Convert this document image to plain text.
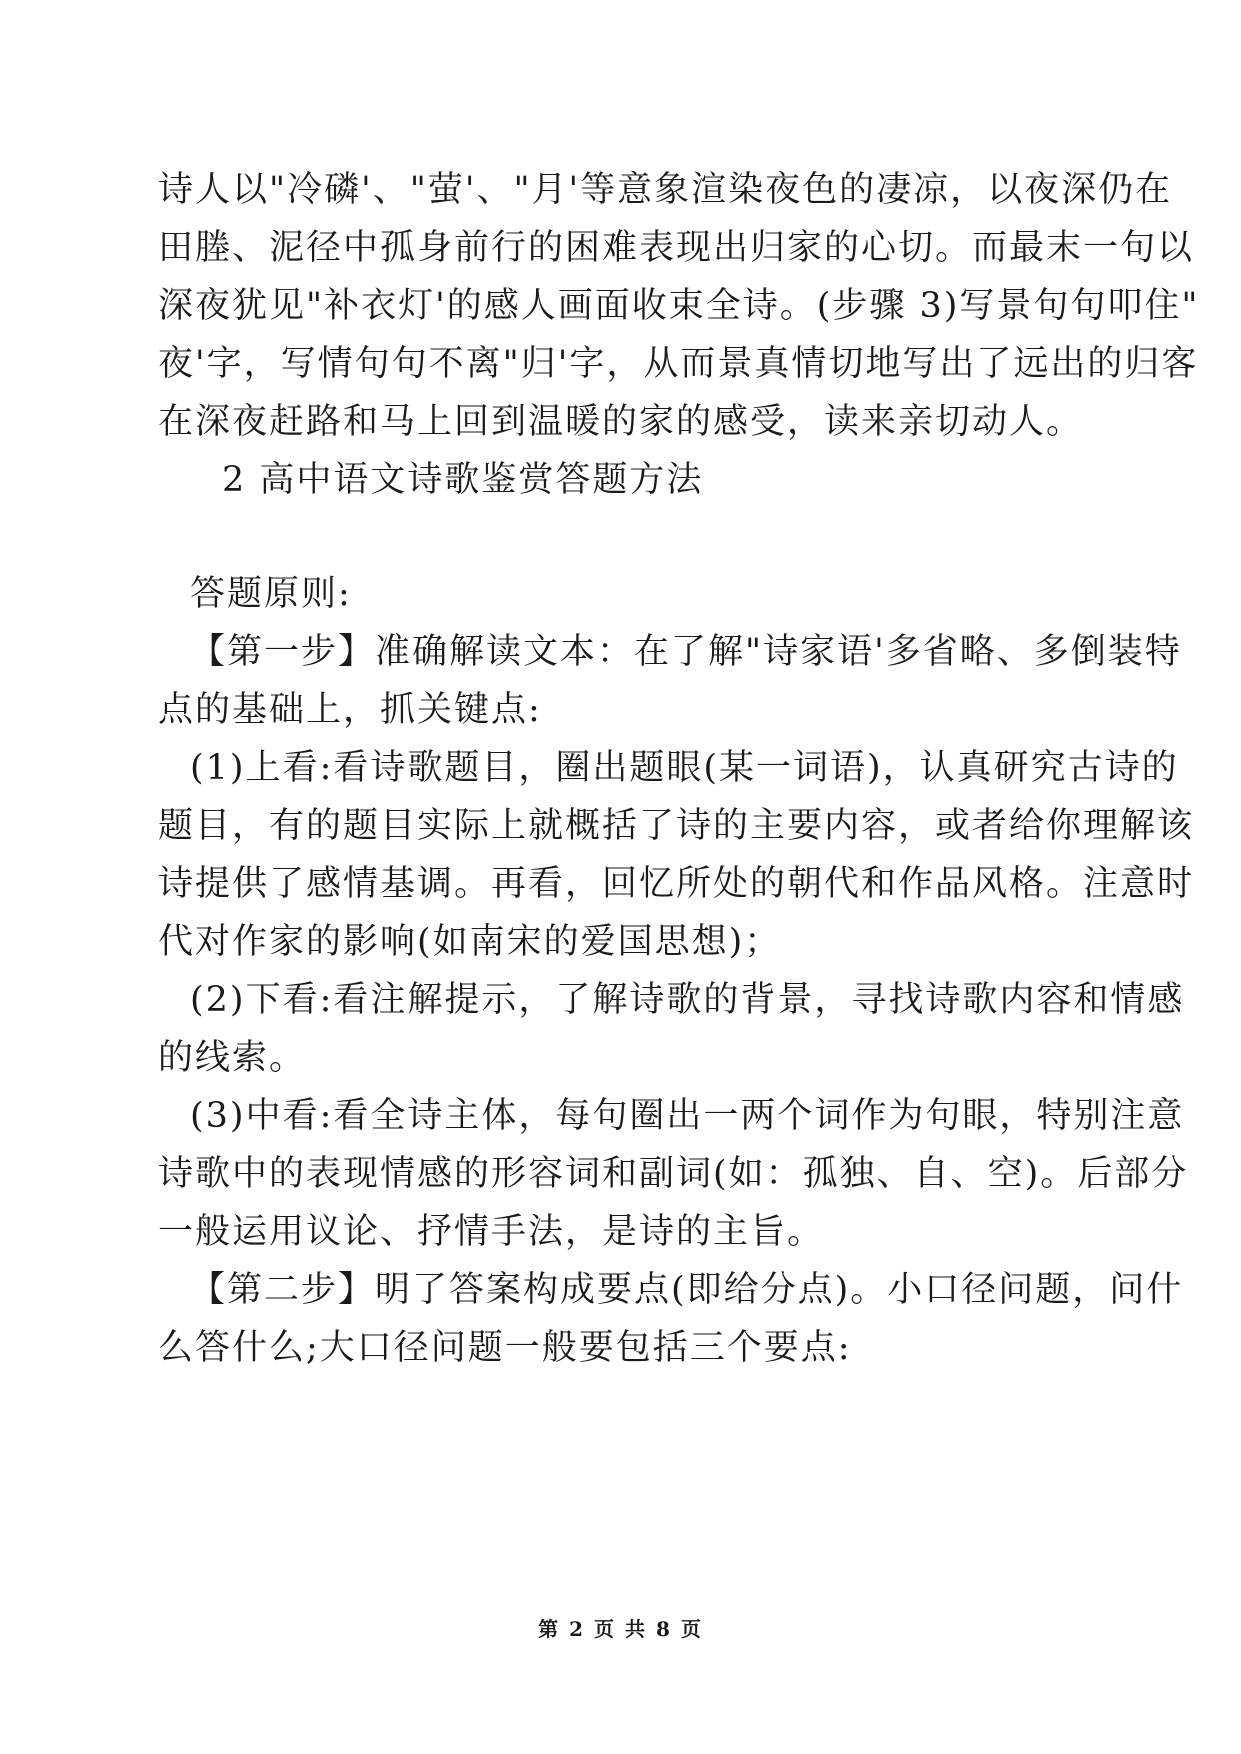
诗人以"冷磷'、"萤'、"月'等意象渲染夜色的凄凉，以夜深仍在
田塍、泥径中孤身前行的困难表现出归家的心切。而最末一句以
深夜犹见"补衣灯'的感人画面收束全诗。(步骤 3)写景句句叩住"
夜'字，写情句句不离"归'字，从而景真情切地写出了远出的归客
在深夜赶路和马上回到温暖的家的感受，读来亲切动人。
2 高中语文诗歌鉴赏答题方法
答题原则:
【第一步】准确解读文本：在了解"诗家语'多省略、多倒装特
点的基础上，抓关键点:
(1)上看:看诗歌题目，圈出题眼(某一词语)，认真研究古诗的
题目，有的题目实际上就概括了诗的主要内容，或者给你理解该
诗提供了感情基调。再看，回忆所处的朝代和作品风格。注意时
代对作家的影响(如南宋的爱国思想)；
(2)下看:看注解提示，了解诗歌的背景，寻找诗歌内容和情感
的线索。
(3)中看:看全诗主体，每句圈出一两个词作为句眼，特别注意
诗歌中的表现情感的形容词和副词(如：孤独、自、空)。后部分
一般运用议论、抒情手法，是诗的主旨。
【第二步】明了答案构成要点(即给分点)。小口径问题，问什
么答什么;大口径问题一般要包括三个要点:
第 2 页 共 8 页
